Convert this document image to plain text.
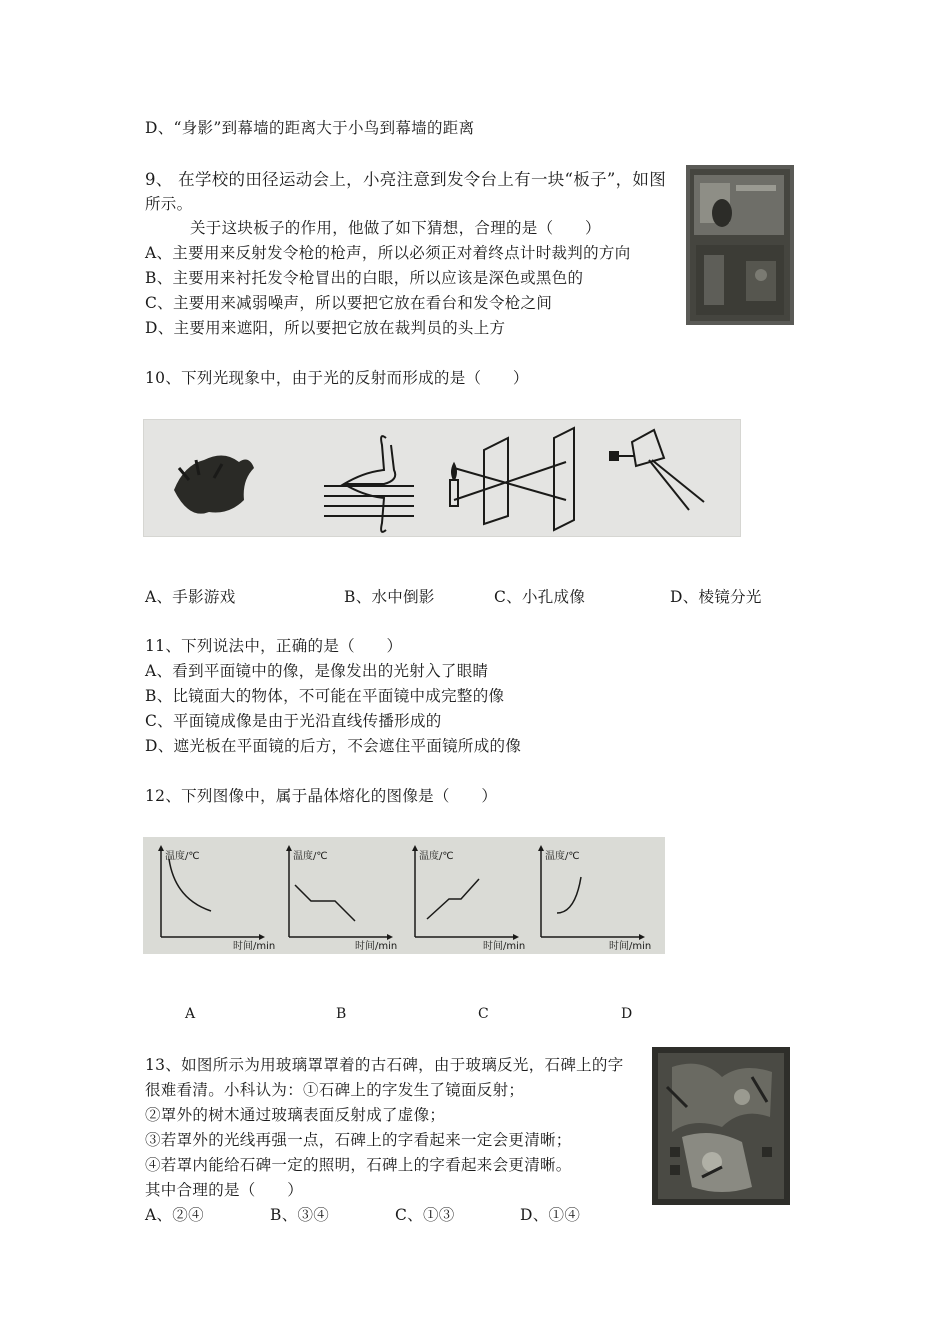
D、“身影”到幕墙的距离大于小鸟到幕墙的距离
9、 在学校的田径运动会上，小亮注意到发令台上有一块“板子”，如图
所示。
关于这块板子的作用，他做了如下猜想，合理的是（　　）
A、主要用来反射发令枪的枪声，所以必须正对着终点计时裁判的方向
B、主要用来衬托发令枪冒出的白眼，所以应该是深色或黑色的
C、主要用来减弱噪声，所以要把它放在看台和发令枪之间
D、主要用来遮阳，所以要把它放在裁判员的头上方
10、下列光现象中，由于光的反射而形成的是（　　）
A、手影游戏	B、水中倒影	C、小孔成像	D、棱镜分光
11、下列说法中，正确的是（　　）
A、看到平面镜中的像，是像发出的光射入了眼睛
B、比镜面大的物体，不可能在平面镜中成完整的像
C、平面镜成像是由于光沿直线传播形成的
D、遮光板在平面镜的后方，不会遮住平面镜所成的像
12、下列图像中，属于晶体熔化的图像是（　　）
温度/℃
时间/min
温度/℃
时间/min
温度/℃
时间/min
温度/℃
时间/min
A	B	C	D
13、如图所示为用玻璃罩罩着的古石碑，由于玻璃反光，石碑上的字
很难看清。小科认为：①石碑上的字发生了镜面反射；
②罩外的树木通过玻璃表面反射成了虚像；
③若罩外的光线再强一点，石碑上的字看起来一定会更清晰；
④若罩内能给石碑一定的照明，石碑上的字看起来会更清晰。
其中合理的是（　　）
A、②④	B、③④	C、①③	D、①④
